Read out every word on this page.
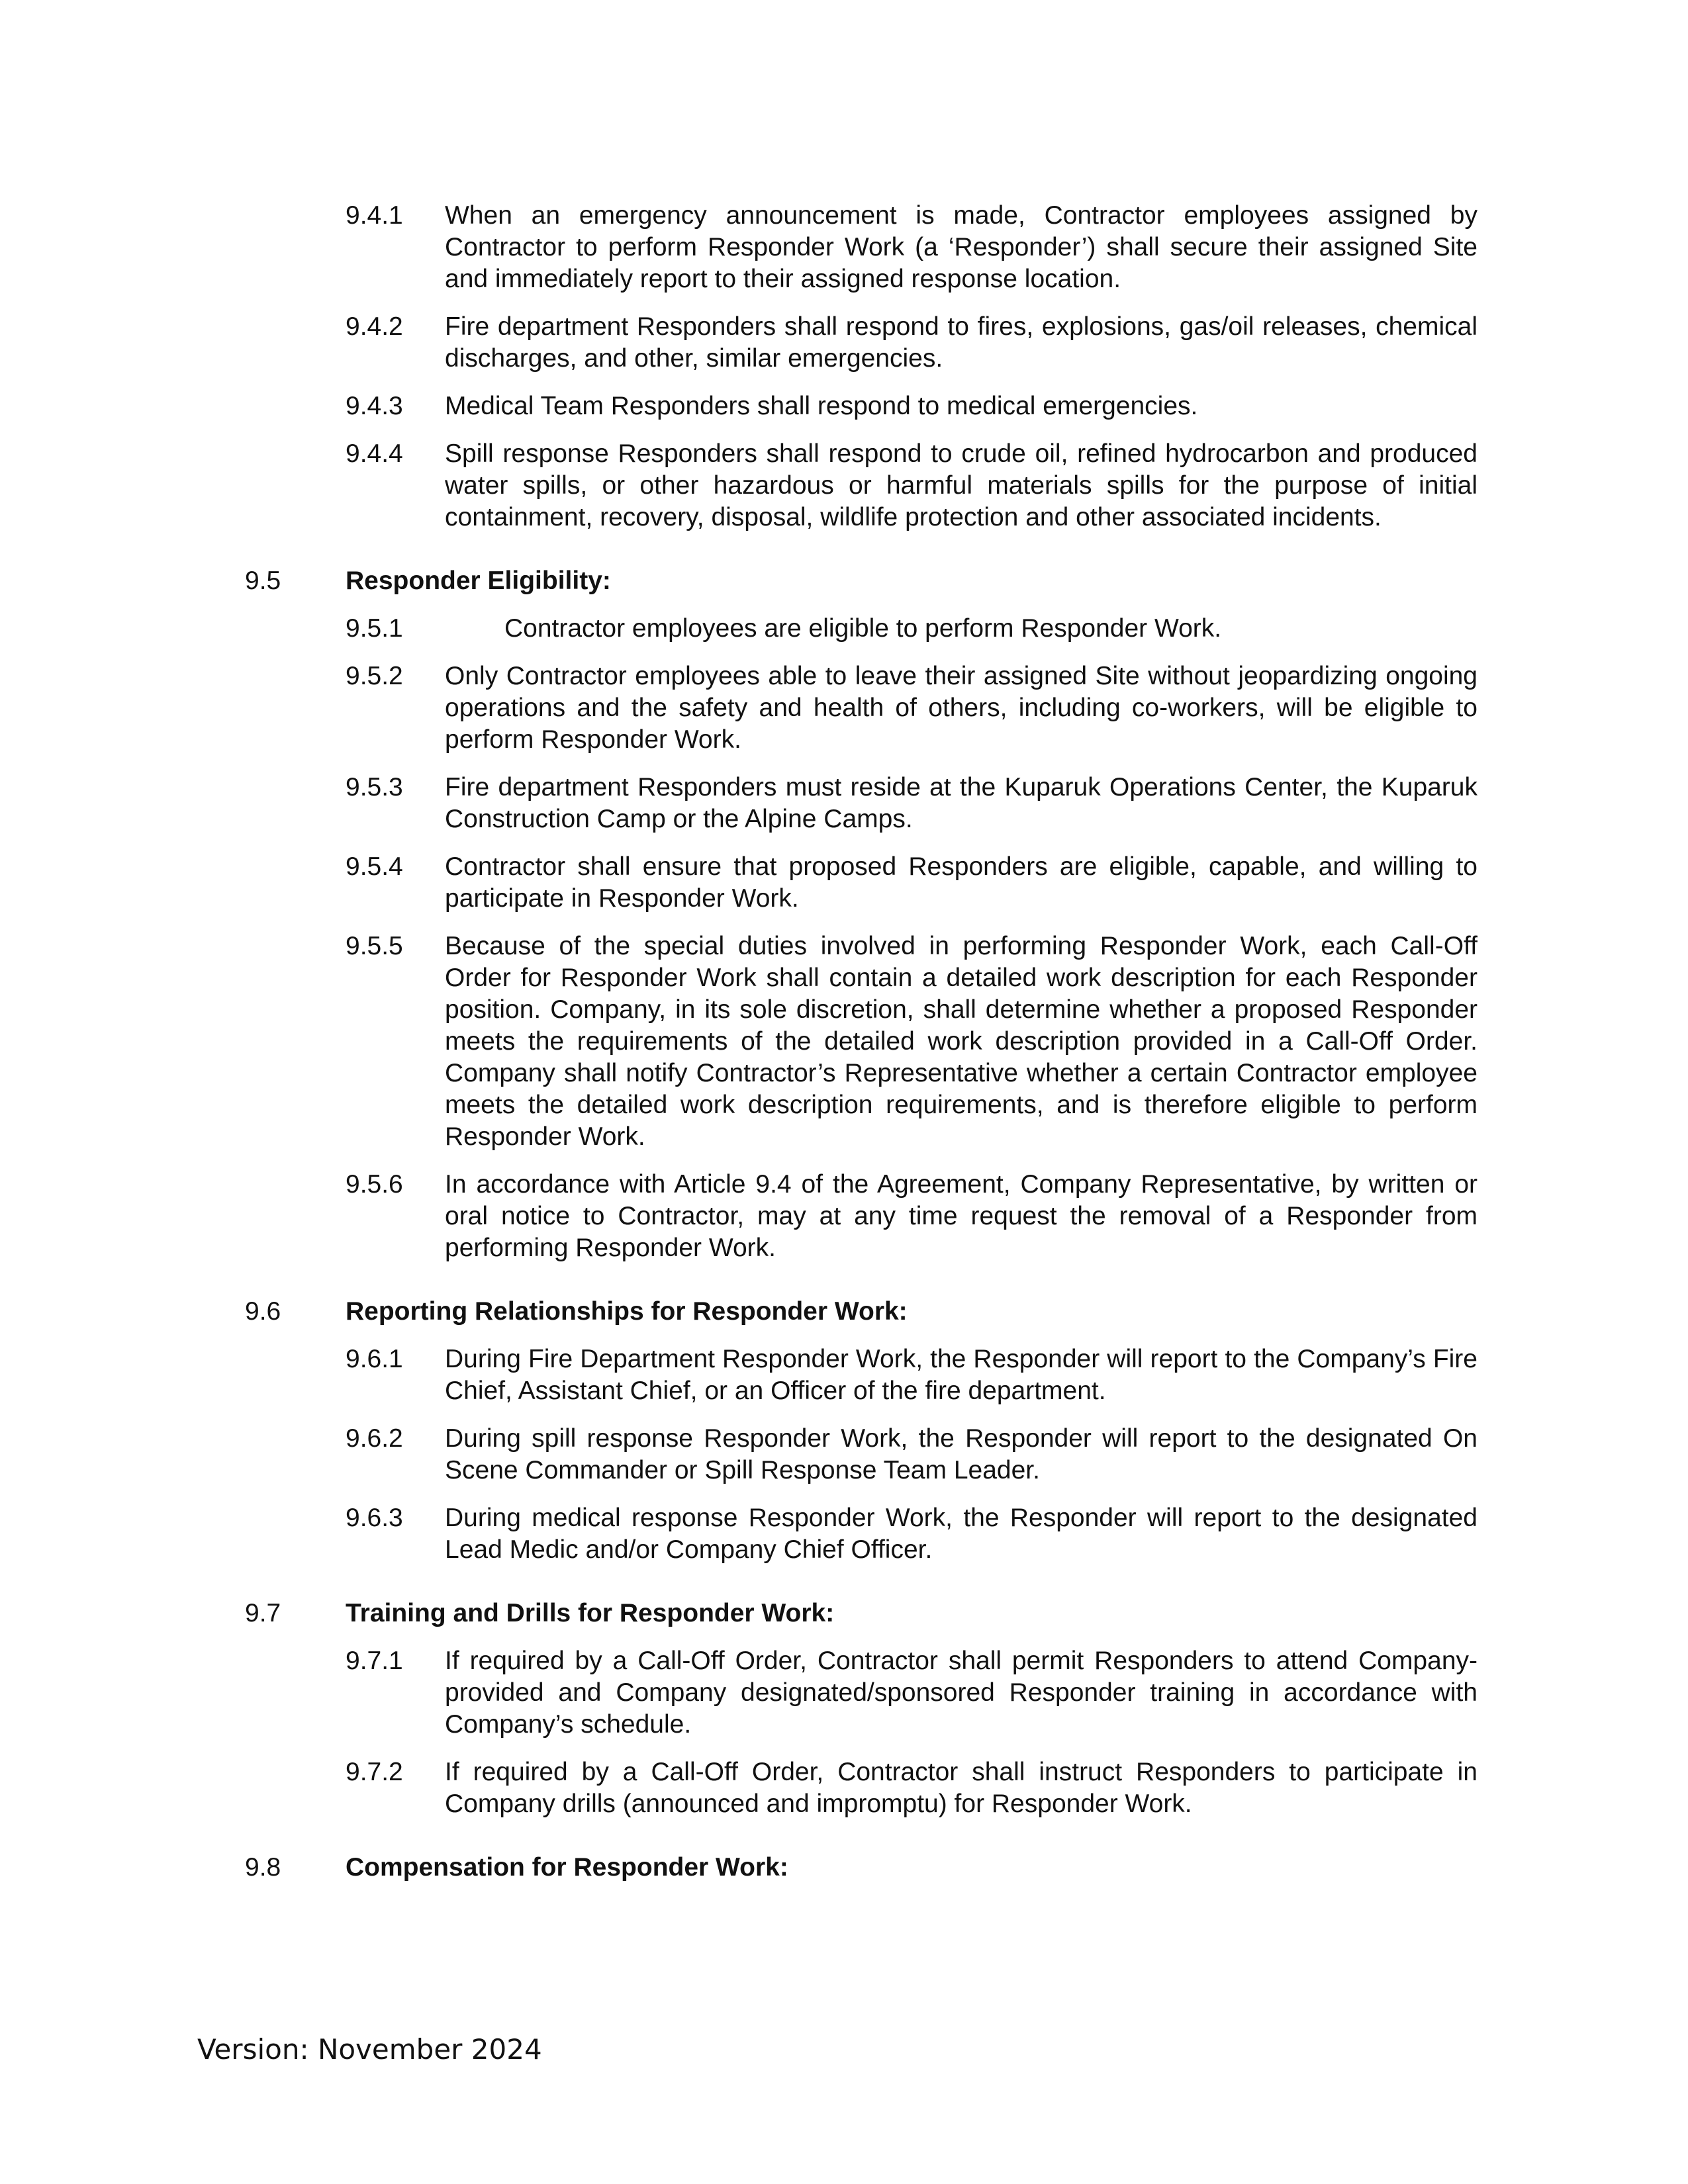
9.4.1 When an emergency announcement is made, Contractor employees assigned by Contractor to perform Responder Work (a ‘Responder’) shall secure their assigned Site and immediately report to their assigned response location.
9.4.2 Fire department Responders shall respond to fires, explosions, gas/oil releases, chemical discharges, and other, similar emergencies.
9.4.3 Medical Team Responders shall respond to medical emergencies.
9.4.4 Spill response Responders shall respond to crude oil, refined hydrocarbon and produced water spills, or other hazardous or harmful materials spills for the purpose of initial containment, recovery, disposal, wildlife protection and other associated incidents.
9.5	Responder Eligibility:
9.5.1	Contractor employees are eligible to perform Responder Work.
9.5.2 Only Contractor employees able to leave their assigned Site without jeopardizing ongoing operations and the safety and health of others, including co-workers, will be eligible to perform Responder Work.
9.5.3 Fire department Responders must reside at the Kuparuk Operations Center, the Kuparuk Construction Camp or the Alpine Camps.
9.5.4 Contractor shall ensure that proposed Responders are eligible, capable, and willing to participate in Responder Work.
9.5.5 Because of the special duties involved in performing Responder Work, each Call-Off Order for Responder Work shall contain a detailed work description for each Responder position. Company, in its sole discretion, shall determine whether a proposed Responder meets the requirements of the detailed work description provided in a Call-Off Order. Company shall notify Contractor’s Representative whether a certain Contractor employee meets the detailed work description requirements, and is therefore eligible to perform Responder Work.
9.5.6 In accordance with Article 9.4 of the Agreement, Company Representative, by written or oral notice to Contractor, may at any time request the removal of a Responder from performing Responder Work.
9.6	Reporting Relationships for Responder Work:
9.6.1 During Fire Department Responder Work, the Responder will report to the Company’s Fire Chief, Assistant Chief, or an Officer of the fire department.
9.6.2 During spill response Responder Work, the Responder will report to the designated On Scene Commander or Spill Response Team Leader.
9.6.3 During medical response Responder Work, the Responder will report to the designated Lead Medic and/or Company Chief Officer.
9.7	Training and Drills for Responder Work:
9.7.1 If required by a Call-Off Order, Contractor shall permit Responders to attend Company-provided and Company designated/sponsored Responder training in accordance with Company’s schedule.
9.7.2 If required by a Call-Off Order, Contractor shall instruct Responders to participate in Company drills (announced and impromptu) for Responder Work.
9.8	Compensation for Responder Work:
Version: November 2024
